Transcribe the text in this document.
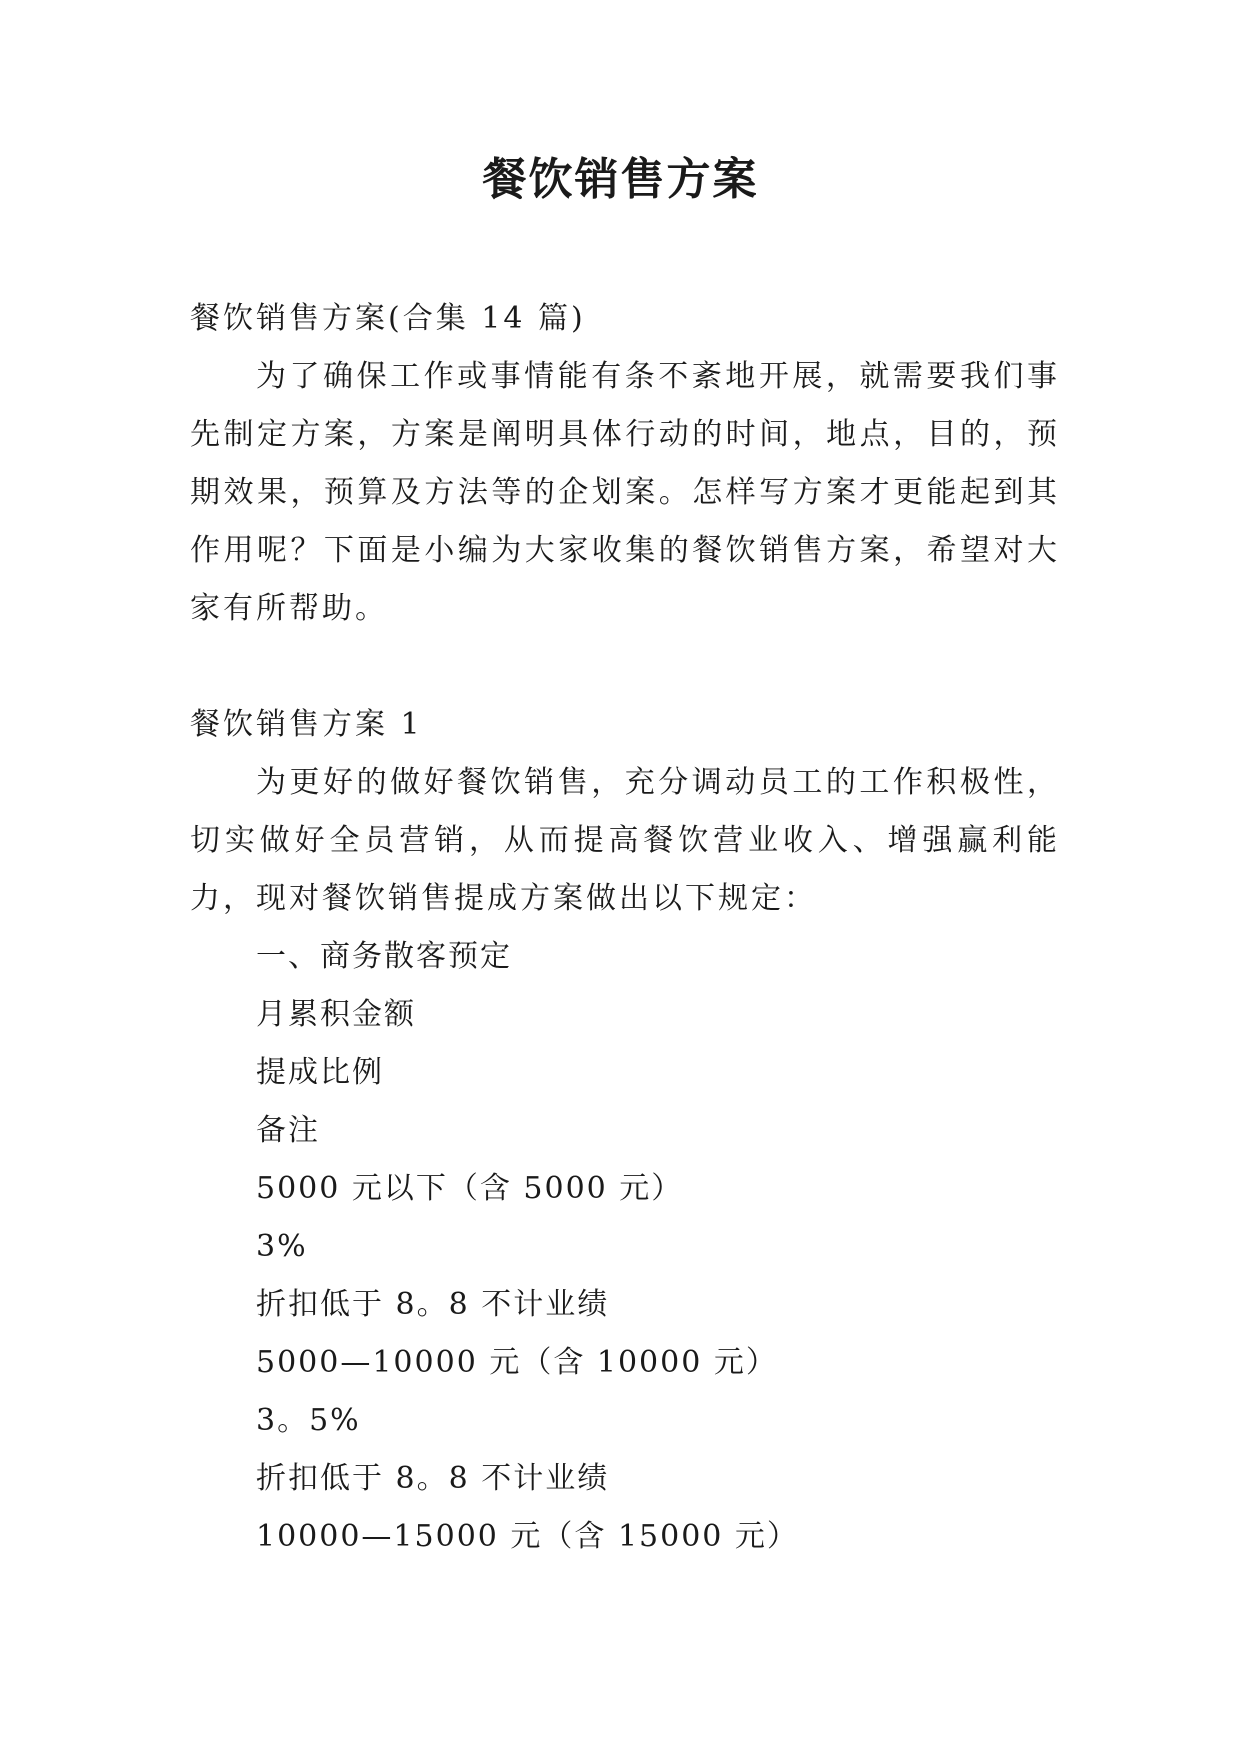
餐饮销售方案

餐饮销售方案(合集 14 篇)

为了确保工作或事情能有条不紊地开展，就需要我们事先制定方案，方案是阐明具体行动的时间，地点，目的，预期效果，预算及方法等的企划案。怎样写方案才更能起到其作用呢？下面是小编为大家收集的餐饮销售方案，希望对大家有所帮助。

餐饮销售方案 1

为更好的做好餐饮销售，充分调动员工的工作积极性，切实做好全员营销，从而提高餐饮营业收入、增强赢利能力，现对餐饮销售提成方案做出以下规定：

一、商务散客预定

月累积金额

提成比例

备注

5000 元以下（含 5000 元）

3%

折扣低于 8。8 不计业绩

5000—10000 元（含 10000 元）

3。5%

折扣低于 8。8 不计业绩

10000—15000 元（含 15000 元）
